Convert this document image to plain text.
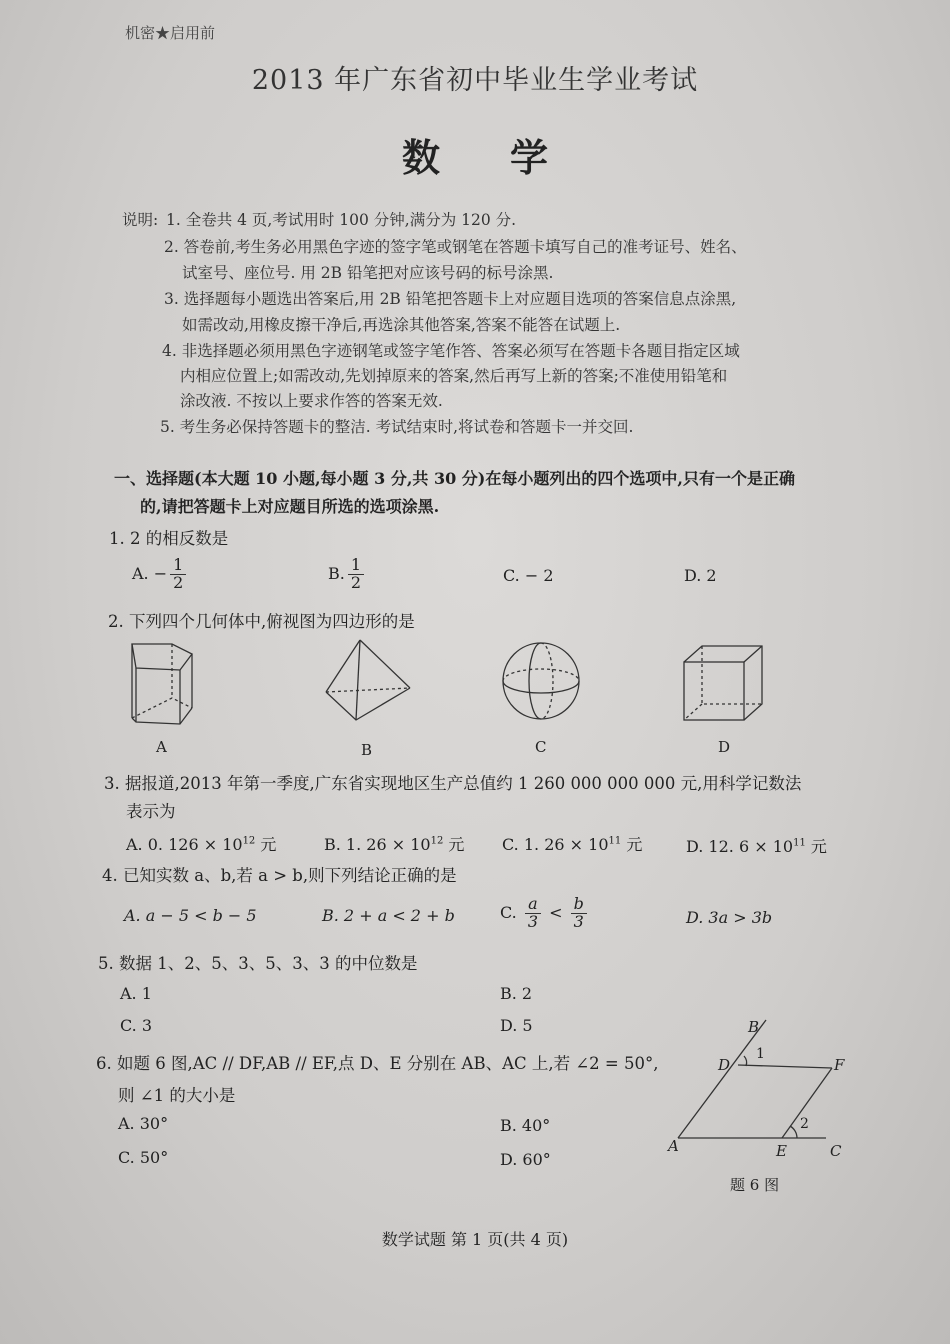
机密★启用前
2013 年广东省初中毕业生学业考试
数学
说明: 1. 全卷共 4 页,考试用时 100 分钟,满分为 120 分.
2. 答卷前,考生务必用黑色字迹的签字笔或钢笔在答题卡填写自己的准考证号、姓名、
试室号、座位号. 用 2B 铅笔把对应该号码的标号涂黑.
3. 选择题每小题选出答案后,用 2B 铅笔把答题卡上对应题目选项的答案信息点涂黑,
如需改动,用橡皮擦干净后,再选涂其他答案,答案不能答在试题上.
4. 非选择题必须用黑色字迹钢笔或签字笔作答、答案必须写在答题卡各题目指定区域
内相应位置上;如需改动,先划掉原来的答案,然后再写上新的答案;不准使用铅笔和
涂改液. 不按以上要求作答的答案无效.
5. 考生务必保持答题卡的整洁. 考试结束时,将试卷和答题卡一并交回.
一、选择题(本大题 10 小题,每小题 3 分,共 30 分)在每小题列出的四个选项中,只有一个是正确
的,请把答题卡上对应题目所选的选项涂黑.
1. 2 的相反数是
A. − $\frac{1}{2}$	B. $\frac{1}{2}$	C. − 2	D. 2
2. 下列四个几何体中,俯视图为四边形的是
A	B	C	D
3. 据报道,2013 年第一季度,广东省实现地区生产总值约 1 260 000 000 000 元,用科学记数法
表示为
A. 0. $126 \times 10^{12}$ 元	B. 1. $26 \times 10^{12}$ 元 C. 1. $26 \times 10^{11}$ 元	D. 12. $6 \times 10^{11}$ 元
4. 已知实数 a、b,若 a > b,则下列结论正确的是
A. a − 5 < b − 5	B. 2 + a < 2 + b	C. $\frac{a}{3} < \frac{b}{3}$	D. 3a > 3b
5. 数据 1、2、5、3、5、3、3 的中位数是
A. 1	B. 2
C. 3	D. 5
6. 如题 6 图,AC // DF,AB // EF,点 D、E 分别在 AB、AC 上,若 ∠2 = 50°,
则 ∠1 的大小是
A. 30°	B. 40°
C. 50°	D. 60°
B
D	F
A	E	C
1
2
题 6 图
数学试题 第 1 页(共 4 页)
